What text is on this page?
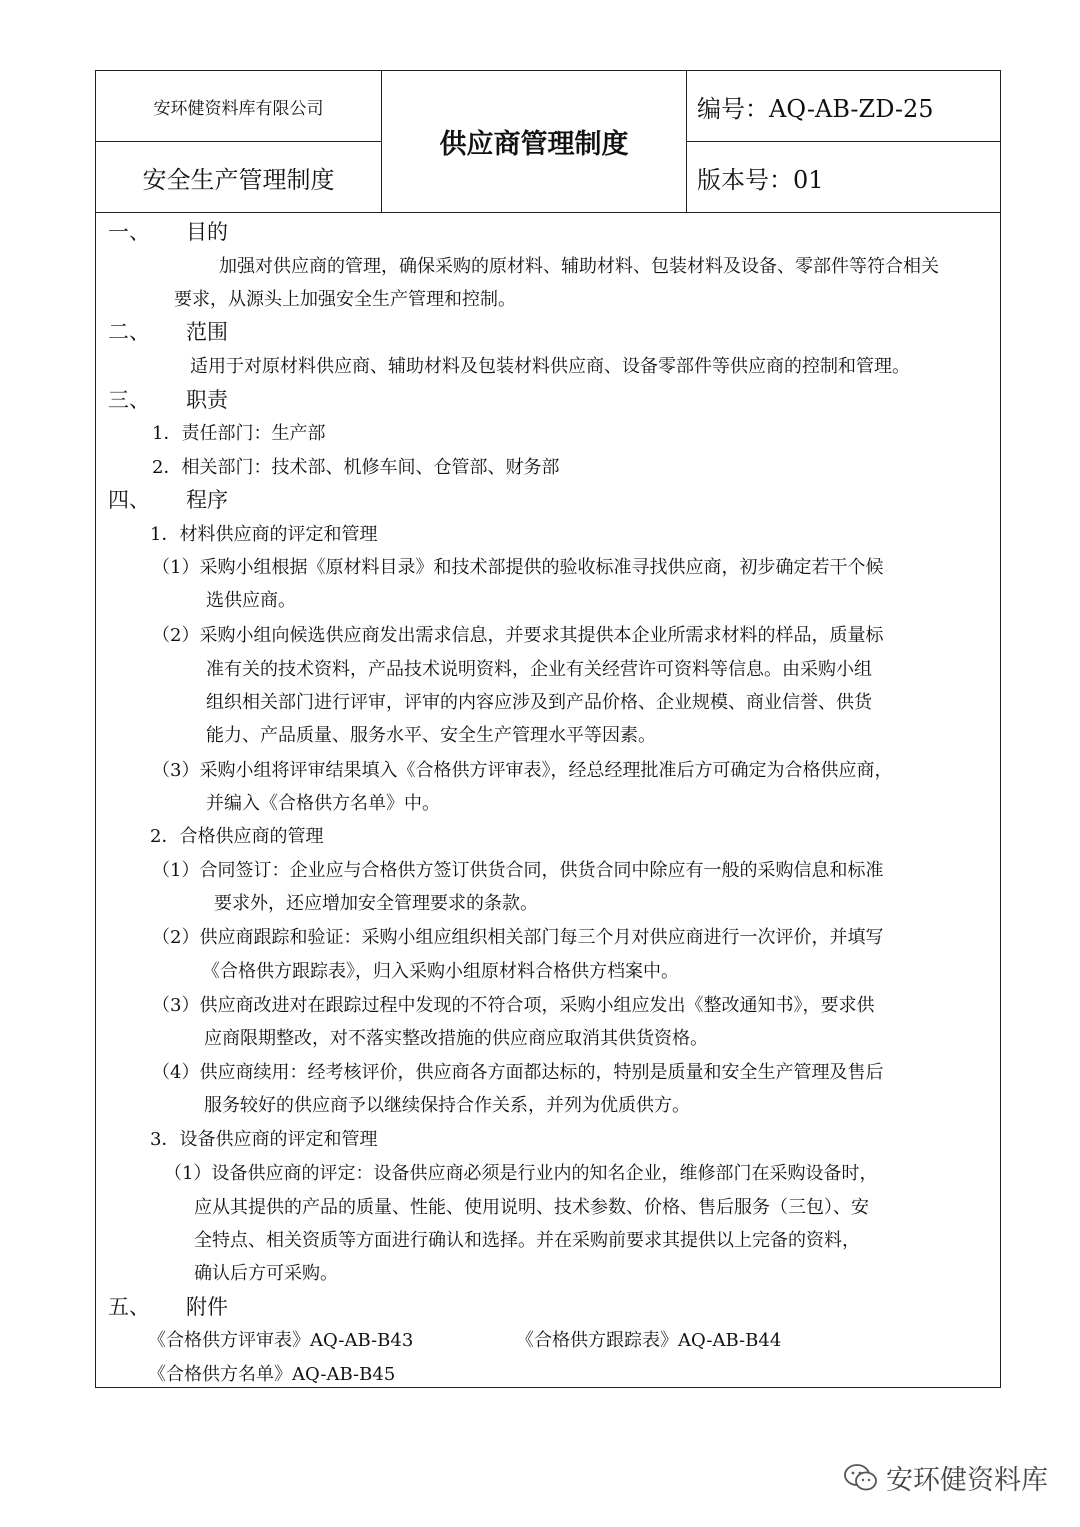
安环健资料库有限公司
安全生产管理制度
供应商管理制度
编号：AQ-AB-ZD-25
版本号：01
一、 目的
加强对供应商的管理，确保采购的原材料、辅助材料、包装材料及设备、零部件等符合相关
要求，从源头上加强安全生产管理和控制。
二、 范围
适用于对原材料供应商、辅助材料及包装材料供应商、设备零部件等供应商的控制和管理。
三、 职责
1．责任部门：生产部
2．相关部门：技术部、机修车间、仓管部、财务部
四、 程序
1．材料供应商的评定和管理
（1）采购小组根据《原材料目录》和技术部提供的验收标准寻找供应商，初步确定若干个候
选供应商。
（2）采购小组向候选供应商发出需求信息，并要求其提供本企业所需求材料的样品，质量标
准有关的技术资料，产品技术说明资料，企业有关经营许可资料等信息。由采购小组
组织相关部门进行评审，评审的内容应涉及到产品价格、企业规模、商业信誉、供货
能力、产品质量、服务水平、安全生产管理水平等因素。
（3）采购小组将评审结果填入《合格供方评审表》，经总经理批准后方可确定为合格供应商，
并编入《合格供方名单》中。
2．合格供应商的管理
（1）合同签订：企业应与合格供方签订供货合同，供货合同中除应有一般的采购信息和标准
要求外，还应增加安全管理要求的条款。
（2）供应商跟踪和验证：采购小组应组织相关部门每三个月对供应商进行一次评价，并填写
《合格供方跟踪表》，归入采购小组原材料合格供方档案中。
（3）供应商改进对在跟踪过程中发现的不符合项，采购小组应发出《整改通知书》，要求供
应商限期整改，对不落实整改措施的供应商应取消其供货资格。
（4）供应商续用：经考核评价，供应商各方面都达标的，特别是质量和安全生产管理及售后
服务较好的供应商予以继续保持合作关系，并列为优质供方。
3．设备供应商的评定和管理
（1）设备供应商的评定：设备供应商必须是行业内的知名企业，维修部门在采购设备时，
应从其提供的产品的质量、性能、使用说明、技术参数、价格、售后服务（三包）、安
全特点、相关资质等方面进行确认和选择。并在采购前要求其提供以上完备的资料，
确认后方可采购。
五、 附件
《合格供方评审表》AQ-AB-B43	《合格供方跟踪表》AQ-AB-B44
《合格供方名单》AQ-AB-B45
安环健资料库
